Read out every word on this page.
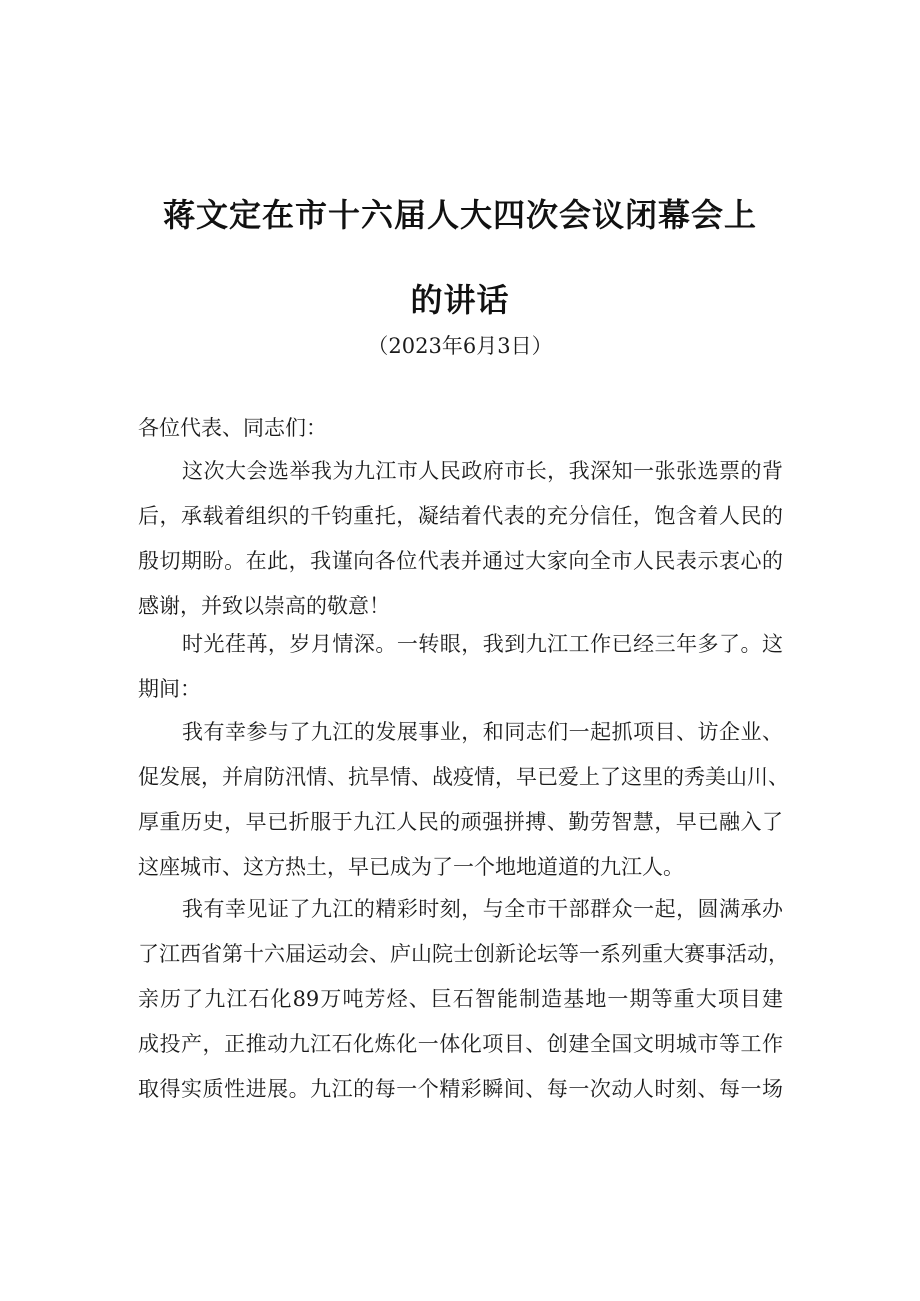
蒋文定在市十六届人大四次会议闭幕会上
的讲话
（2023年6月3日）
各位代表、同志们：
这次大会选举我为九江市人民政府市长，我深知一张张选票的背
后，承载着组织的千钧重托，凝结着代表的充分信任，饱含着人民的
殷切期盼。在此，我谨向各位代表并通过大家向全市人民表示衷心的
感谢，并致以崇高的敬意！
时光荏苒，岁月情深。一转眼，我到九江工作已经三年多了。这
期间：
我有幸参与了九江的发展事业，和同志们一起抓项目、访企业、
促发展，并肩防汛情、抗旱情、战疫情，早已爱上了这里的秀美山川、
厚重历史，早已折服于九江人民的顽强拼搏、勤劳智慧，早已融入了
这座城市、这方热土，早已成为了一个地地道道的九江人。
我有幸见证了九江的精彩时刻，与全市干部群众一起，圆满承办
了江西省第十六届运动会、庐山院士创新论坛等一系列重大赛事活动，
亲历了九江石化89万吨芳烃、巨石智能制造基地一期等重大项目建
成投产，正推动九江石化炼化一体化项目、创建全国文明城市等工作
取得实质性进展。九江的每一个精彩瞬间、每一次动人时刻、每一场
